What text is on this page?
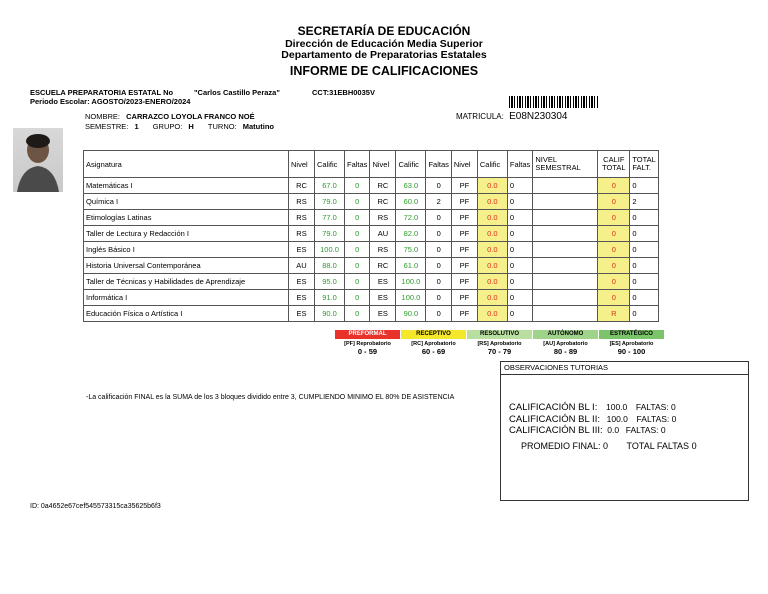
SECRETARÍA DE EDUCACIÓN
Dirección de Educación Media Superior
Departamento de Preparatorias Estatales
INFORME DE CALIFICACIONES
ESCUELA PREPARATORIA ESTATAL No	"Carlos Castillo Peraza"	CCT:31EBH0035V
Periodo Escolar: AGOSTO/2023-ENERO/2024
NOMBRE: CARRAZCO LOYOLA FRANCO NOÉ
SEMESTRE: 1 GRUPO: H TURNO: Matutino
MATRICULA: E08N230304
Asignatura	Nivel	Calific	Faltas	Nivel	Calific	Faltas	Nivel	Calific	Faltas	NIVEL SEMESTRAL	CALIF TOTAL	TOTAL FALT.
Matemáticas I	RC	67.0	0	RC	63.0	0	PF	0.0	0		0	0
Química I	RS	79.0	0	RC	60.0	2	PF	0.0	0		0	2
Etimologías Latinas	RS	77.0	0	RS	72.0	0	PF	0.0	0		0	0
Taller de Lectura y Redacción I	RS	79.0	0	AU	82.0	0	PF	0.0	0		0	0
Inglés Básico I	ES	100.0	0	RS	75.0	0	PF	0.0	0		0	0
Historia Universal Contemporánea	AU	88.0	0	RC	61.0	0	PF	0.0	0		0	0
Taller de Técnicas y Habilidades de Aprendizaje	ES	95.0	0	ES	100.0	0	PF	0.0	0		0	0
Informática I	ES	91.0	0	ES	100.0	0	PF	0.0	0		0	0
Educación Física o Artística I	ES	90.0	0	ES	90.0	0	PF	0.0	0		R	0
PREFORMAL
[PF] Reprobatorio
0 - 59
RECEPTIVO
[RC] Aprobatorio
60 - 69
RESOLUTIVO
[RS] Aprobatorio
70 - 79
AUTÓNOMO
[AU] Aprobatorio
80 - 89
ESTRATÉGICO
[ES] Aprobatorio
90 - 100
-La calificación FINAL es la SUMA de los 3 bloques dividido entre 3, CUMPLIENDO MINIMO EL 80% DE ASISTENCIA
OBSERVACIONES TUTORIAS
CALIFICACIÓN BL I: 100.0 FALTAS: 0
CALIFICACIÓN BL II: 100.0 FALTAS: 0
CALIFICACIÓN BL III: 0.0 FALTAS: 0
PROMEDIO FINAL: 0 TOTAL FALTAS 0
ID: 0a4652e67cef545573315ca35625b6f3
